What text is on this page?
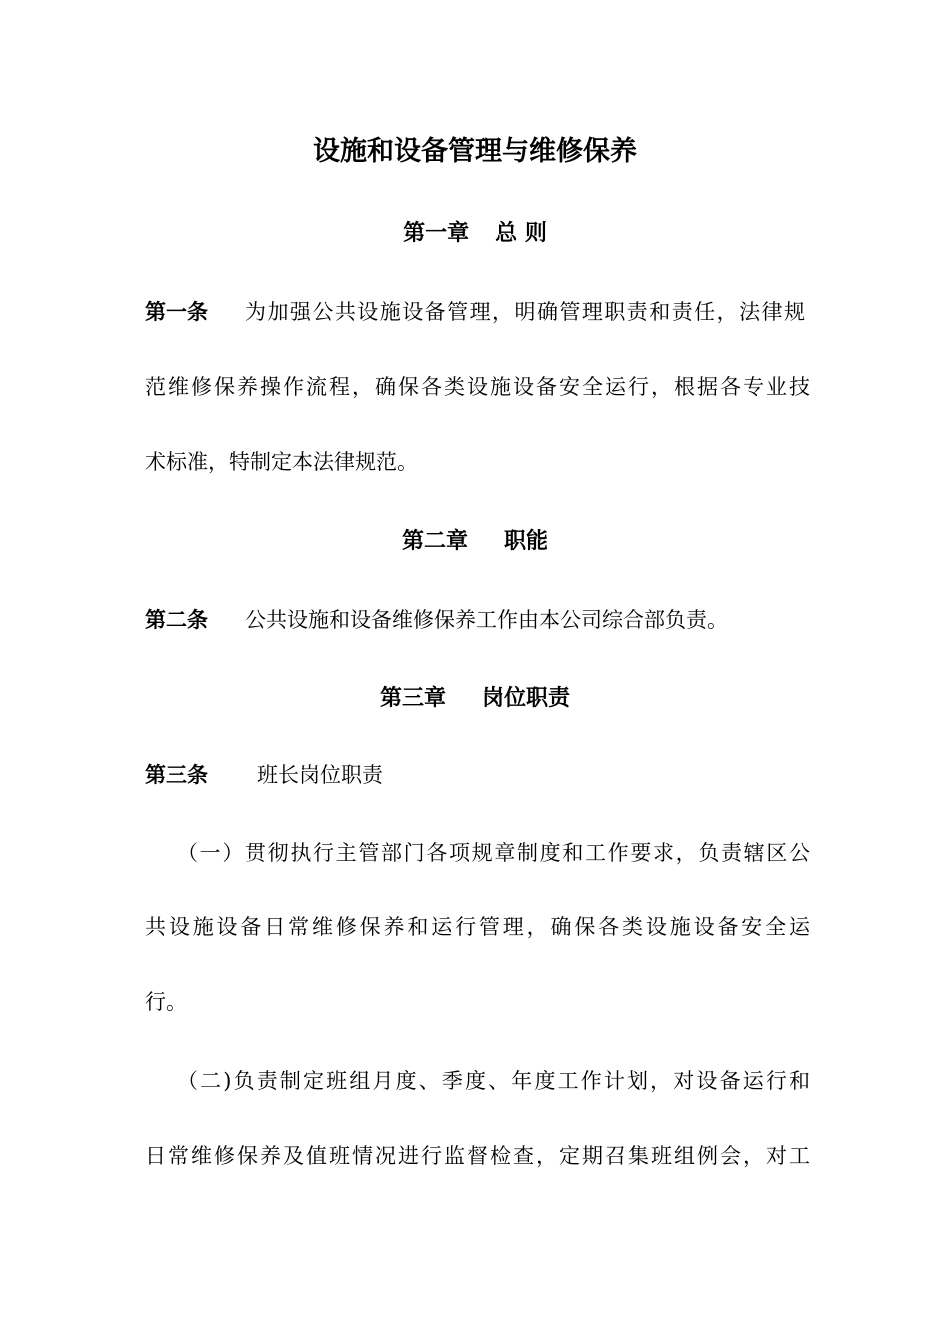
设施和设备管理与维修保养
第一章 总 则
第一条 为加强公共设施设备管理，明确管理职责和责任，法律规
范维修保养操作流程，确保各类设施设备安全运行，根据各专业技
术标准，特制定本法律规范。
第二章 职能
第二条 公共设施和设备维修保养工作由本公司综合部负责。
第三章 岗位职责
第三条 班长岗位职责
（一）贯彻执行主管部门各项规章制度和工作要求，负责辖区公
共设施设备日常维修保养和运行管理，确保各类设施设备安全运
行。
（二)负责制定班组月度、季度、年度工作计划，对设备运行和
日常维修保养及值班情况进行监督检查，定期召集班组例会，对工
